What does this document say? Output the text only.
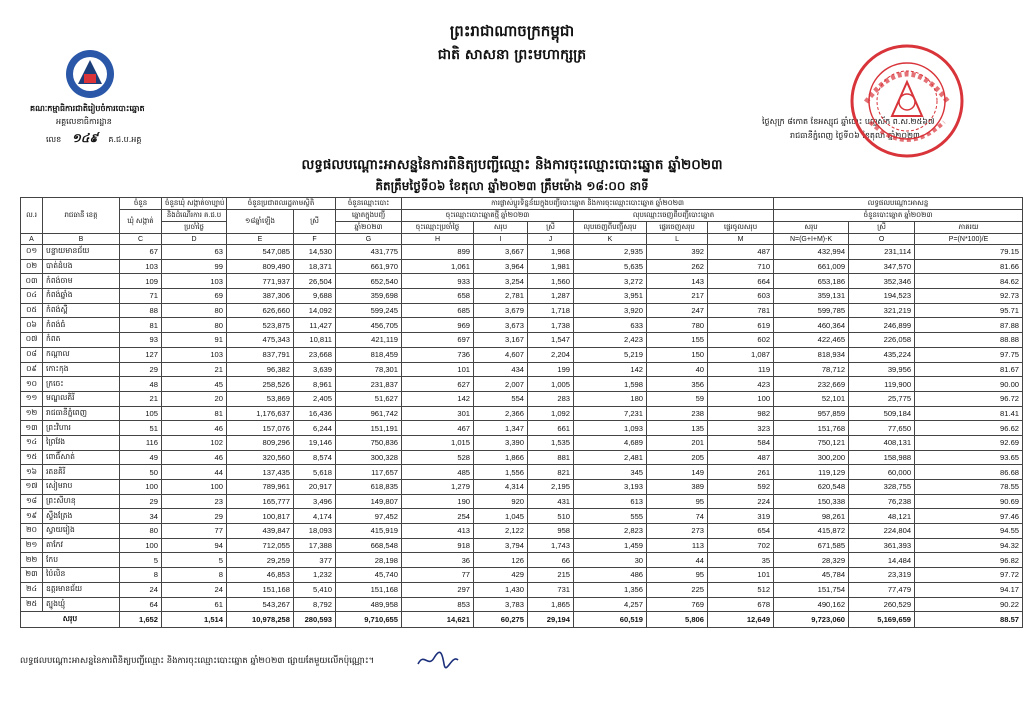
ព្រះរាជាណាចក្រកម្ពុជា
ជាតិ សាសនា ព្រះមហាក្សត្រ
គណៈកម្មាធិការជាតិរៀបចំការបោះឆ្នោត
អគ្គលេខាធិការដ្ឋាន
លេខ ១៤៩ គ.ជ.ប.អគ្គ
ថ្ងៃសុក្រ ៨កោត ខែអស្សុជ ឆ្នាំថោះ បញ្ចស័ក ព.ស.២៥៦៧
រាជធានីភ្នំពេញ ថ្ងៃទី០៦ ខែតុលា ឆ្នាំ២០២៣
លទ្ធផលបណ្ដោះអាសន្ននៃការពិនិត្យបញ្ជីឈ្មោះ និងការចុះឈ្មោះបោះឆ្នោត ឆ្នាំ២០២៣
គិតត្រឹមថ្ងៃទី០៦ ខែតុលា ឆ្នាំ២០២៣ ត្រឹមម៉ោង ១៨:០០ នាទី
ល.រ	រាជធានី ខេត្ត	ចំនួន	ចំនួនឃុំ សង្កាត់ចាប្បាប់	ចំនួនប្រជាពលរដ្ឋតាមស្ថិតិ		ចំនួនឈ្មោះបោះ	ការផ្លាស់ប្ដូរទិន្នន័យក្នុងបញ្ជីបោះឆ្នោត និងការចុះឈ្មោះបោះឆ្នោត ឆ្នាំ២០២៣						លទ្ធផលបណ្ដោះអាសន្ន		
		ឃុំ សង្កាត់	និងដំណើរការ គ.ជ.ប	១៨ឆ្នាំឡើង	ស្រី	ឆ្នោតក្នុងបញ្ជី	ចុះឈ្មោះបោះឆ្នោតថ្មី ឆ្នាំ២០២៣			លុបឈ្មោះចេញពីបញ្ជីបោះឆ្នោត			ចំនួនបោះឆ្នោត ឆ្នាំ២០២៣		
			ប្រចាំថ្ងៃ			ឆ្នាំ២០២៣	ចុះឈ្មោះប្រចាំថ្ងៃ	សរុប	ស្រី	លុបចេញពីបញ្ជីសរុប	ផ្ទេរចេញសរុប	ផ្ទេរចូលសរុប	សរុប	ស្រី	ភាគរយ
A	B	C	D	E	F	G	H	I	J	K	L	M	N=(G+I+M)-K	O	P=(N*100)/E
០១	បន្ទាយមានជ័យ	67	63	547,085	14,530	431,775	899	3,667	1,968	2,935	392	487	432,994	231,114	79.15
០២	បាត់ដំបង	103	99	809,490	18,371	661,970	1,061	3,964	1,981	5,635	262	710	661,009	347,570	81.66
០៣	កំពង់ចាម	109	103	771,937	26,504	652,540	933	3,254	1,560	3,272	143	664	653,186	352,346	84.62
០៤	កំពង់ឆ្នាំង	71	69	387,306	9,688	359,698	658	2,781	1,287	3,951	217	603	359,131	194,523	92.73
០៥	កំពង់ស្ពឺ	88	80	626,660	14,092	599,245	685	3,679	1,718	3,920	247	781	599,785	321,219	95.71
០៦	កំពង់ធំ	81	80	523,875	11,427	456,705	969	3,673	1,738	633	780	619	460,364	246,899	87.88
០៧	កំពត	93	91	475,343	10,811	421,119	697	3,167	1,547	2,423	155	602	422,465	226,058	88.88
០៨	កណ្ដាល	127	103	837,791	23,668	818,459	736	4,607	2,204	5,219	150	1,087	818,934	435,224	97.75
០៩	កោះកុង	29	21	96,382	3,639	78,301	101	434	199	142	40	119	78,712	39,956	81.67
១០	ក្រចេះ	48	45	258,526	8,961	231,837	627	2,007	1,005	1,598	356	423	232,669	119,900	90.00
១១	មណ្ឌលគិរី	21	20	53,869	2,405	51,627	142	554	283	180	59	100	52,101	25,775	96.72
១២	រាជធានីភ្នំពេញ	105	81	1,176,637	16,436	961,742	301	2,366	1,092	7,231	238	982	957,859	509,184	81.41
១៣	ព្រះវិហារ	51	46	157,076	6,244	151,191	467	1,347	661	1,093	135	323	151,768	77,650	96.62
១៤	ព្រៃវែង	116	102	809,296	19,146	750,836	1,015	3,390	1,535	4,689	201	584	750,121	408,131	92.69
១៥	ពោធិ៍សាត់	49	46	320,560	8,574	300,328	528	1,866	881	2,481	205	487	300,200	158,988	93.65
១៦	រតនគិរី	50	44	137,435	5,618	117,657	485	1,556	821	345	149	261	119,129	60,000	86.68
១៧	សៀមរាប	100	100	789,961	20,917	618,835	1,279	4,314	2,195	3,193	389	592	620,548	328,755	78.55
១៨	ព្រះសីហនុ	29	23	165,777	3,496	149,807	190	920	431	613	95	224	150,338	76,238	90.69
១៩	ស្ទឹងត្រែង	34	29	100,817	4,174	97,452	254	1,045	510	555	74	319	98,261	48,121	97.46
២០	ស្វាយរៀង	80	77	439,847	18,093	415,919	413	2,122	958	2,823	273	654	415,872	224,804	94.55
២១	តាកែវ	100	94	712,055	17,388	668,548	918	3,794	1,743	1,459	113	702	671,585	361,393	94.32
២២	កែប	5	5	29,259	377	28,198	36	126	66	30	44	35	28,329	14,484	96.82
២៣	ប៉ៃលិន	8	8	46,853	1,232	45,740	77	429	215	486	95	101	45,784	23,319	97.72
២៤	ឧត្ដរមានជ័យ	24	24	151,168	5,410	151,168	297	1,430	731	1,356	225	512	151,754	77,479	94.17
២៥	ត្បូងឃ្មុំ	64	61	543,267	8,792	489,958	853	3,783	1,865	4,257	769	678	490,162	260,529	90.22
សរុប		1,652	1,514	10,978,258	280,593	9,710,655	14,621	60,275	29,194	60,519	5,806	12,649	9,723,060	5,169,659	88.57
លទ្ធផលបណ្ដោះអាសន្ននៃការពិនិត្យបញ្ជីឈ្មោះ និងការចុះឈ្មោះបោះឆ្នោត ឆ្នាំ២០២៣ ផ្សាយតែមួយលើកប៉ុណ្ណោះ។
